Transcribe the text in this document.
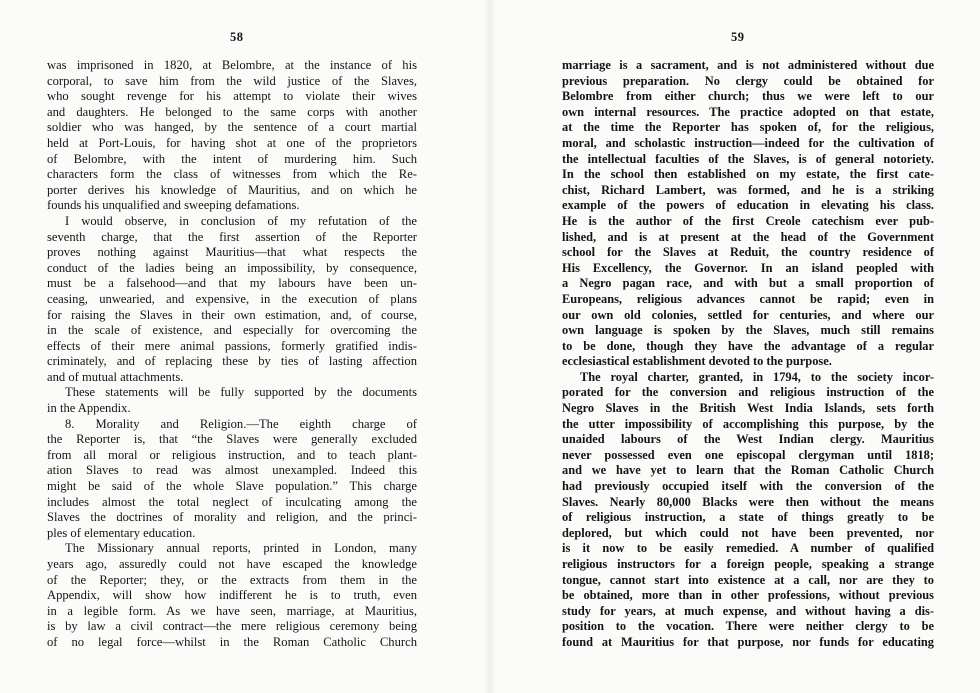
58

was imprisoned in 1820, at Belombre, at the instance of his
corporal, to save him from the wild justice of the Slaves,
who sought revenge for his attempt to violate their wives
and daughters. He belonged to the same corps with another
soldier who was hanged, by the sentence of a court martial
held at Port-Louis, for having shot at one of the proprietors
of Belombre, with the intent of murdering him. Such
characters form the class of witnesses from which the Re-
porter derives his knowledge of Mauritius, and on which he
founds his unqualified and sweeping defamations.
I would observe, in conclusion of my refutation of the
seventh charge, that the first assertion of the Reporter
proves nothing against Mauritius—that what respects the
conduct of the ladies being an impossibility, by consequence,
must be a falsehood—and that my labours have been un-
ceasing, unwearied, and expensive, in the execution of plans
for raising the Slaves in their own estimation, and, of course,
in the scale of existence, and especially for overcoming the
effects of their mere animal passions, formerly gratified indis-
criminately, and of replacing these by ties of lasting affection
and of mutual attachments.
These statements will be fully supported by the documents
in the Appendix.
8. Morality and Religion.—The eighth charge of
the Reporter is, that “the Slaves were generally excluded
from all moral or religious instruction, and to teach plant-
ation Slaves to read was almost unexampled. Indeed this
might be said of the whole Slave population.” This charge
includes almost the total neglect of inculcating among the
Slaves the doctrines of morality and religion, and the princi-
ples of elementary education.
The Missionary annual reports, printed in London, many
years ago, assuredly could not have escaped the knowledge
of the Reporter; they, or the extracts from them in the
Appendix, will show how indifferent he is to truth, even
in a legible form. As we have seen, marriage, at Mauritius,
is by law a civil contract—the mere religious ceremony being
of no legal force—whilst in the Roman Catholic Church

59

marriage is a sacrament, and is not administered without due
previous preparation. No clergy could be obtained for
Belombre from either church; thus we were left to our
own internal resources. The practice adopted on that estate,
at the time the Reporter has spoken of, for the religious,
moral, and scholastic instruction—indeed for the cultivation of
the intellectual faculties of the Slaves, is of general notoriety.
In the school then established on my estate, the first cate-
chist, Richard Lambert, was formed, and he is a striking
example of the powers of education in elevating his class.
He is the author of the first Creole catechism ever pub-
lished, and is at present at the head of the Government
school for the Slaves at Reduit, the country residence of
His Excellency, the Governor. In an island peopled with
a Negro pagan race, and with but a small proportion of
Europeans, religious advances cannot be rapid; even in
our own old colonies, settled for centuries, and where our
own language is spoken by the Slaves, much still remains
to be done, though they have the advantage of a regular
ecclesiastical establishment devoted to the purpose.
The royal charter, granted, in 1794, to the society incor-
porated for the conversion and religious instruction of the
Negro Slaves in the British West India Islands, sets forth
the utter impossibility of accomplishing this purpose, by the
unaided labours of the West Indian clergy. Mauritius
never possessed even one episcopal clergyman until 1818;
and we have yet to learn that the Roman Catholic Church
had previously occupied itself with the conversion of the
Slaves. Nearly 80,000 Blacks were then without the means
of religious instruction, a state of things greatly to be
deplored, but which could not have been prevented, nor
is it now to be easily remedied. A number of qualified
religious instructors for a foreign people, speaking a strange
tongue, cannot start into existence at a call, nor are they to
be obtained, more than in other professions, without previous
study for years, at much expense, and without having a dis-
position to the vocation. There were neither clergy to be
found at Mauritius for that purpose, nor funds for educating
